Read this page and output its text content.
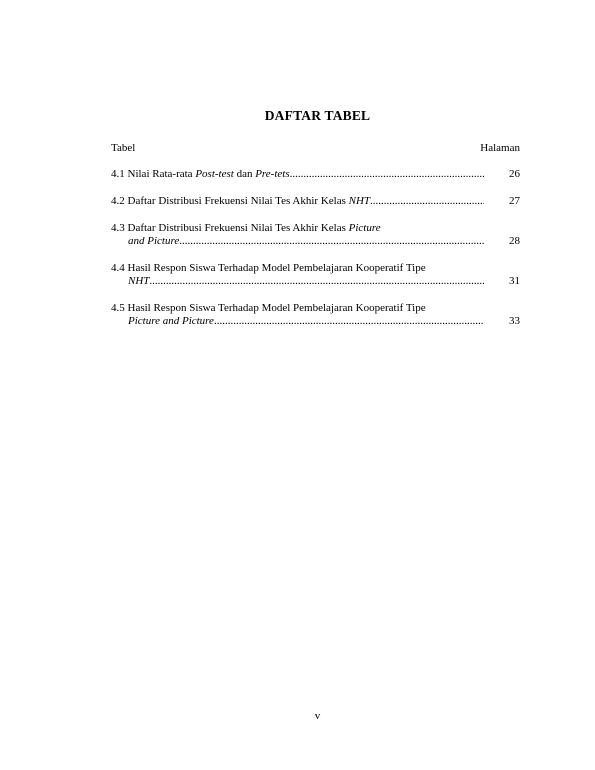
DAFTAR TABEL
Tabel	Halaman
4.1 Nilai Rata-rata Post-test dan Pre-tets .....	26
4.2 Daftar Distribusi Frekuensi Nilai Tes Akhir Kelas NHT .....	27
4.3 Daftar Distribusi Frekuensi Nilai Tes Akhir Kelas Picture
and Picture .....	28
4.4 Hasil Respon Siswa Terhadap Model Pembelajaran Kooperatif Tipe
NHT .....	31
4.5 Hasil Respon Siswa Terhadap Model Pembelajaran Kooperatif Tipe
Picture and Picture .....	33
v
